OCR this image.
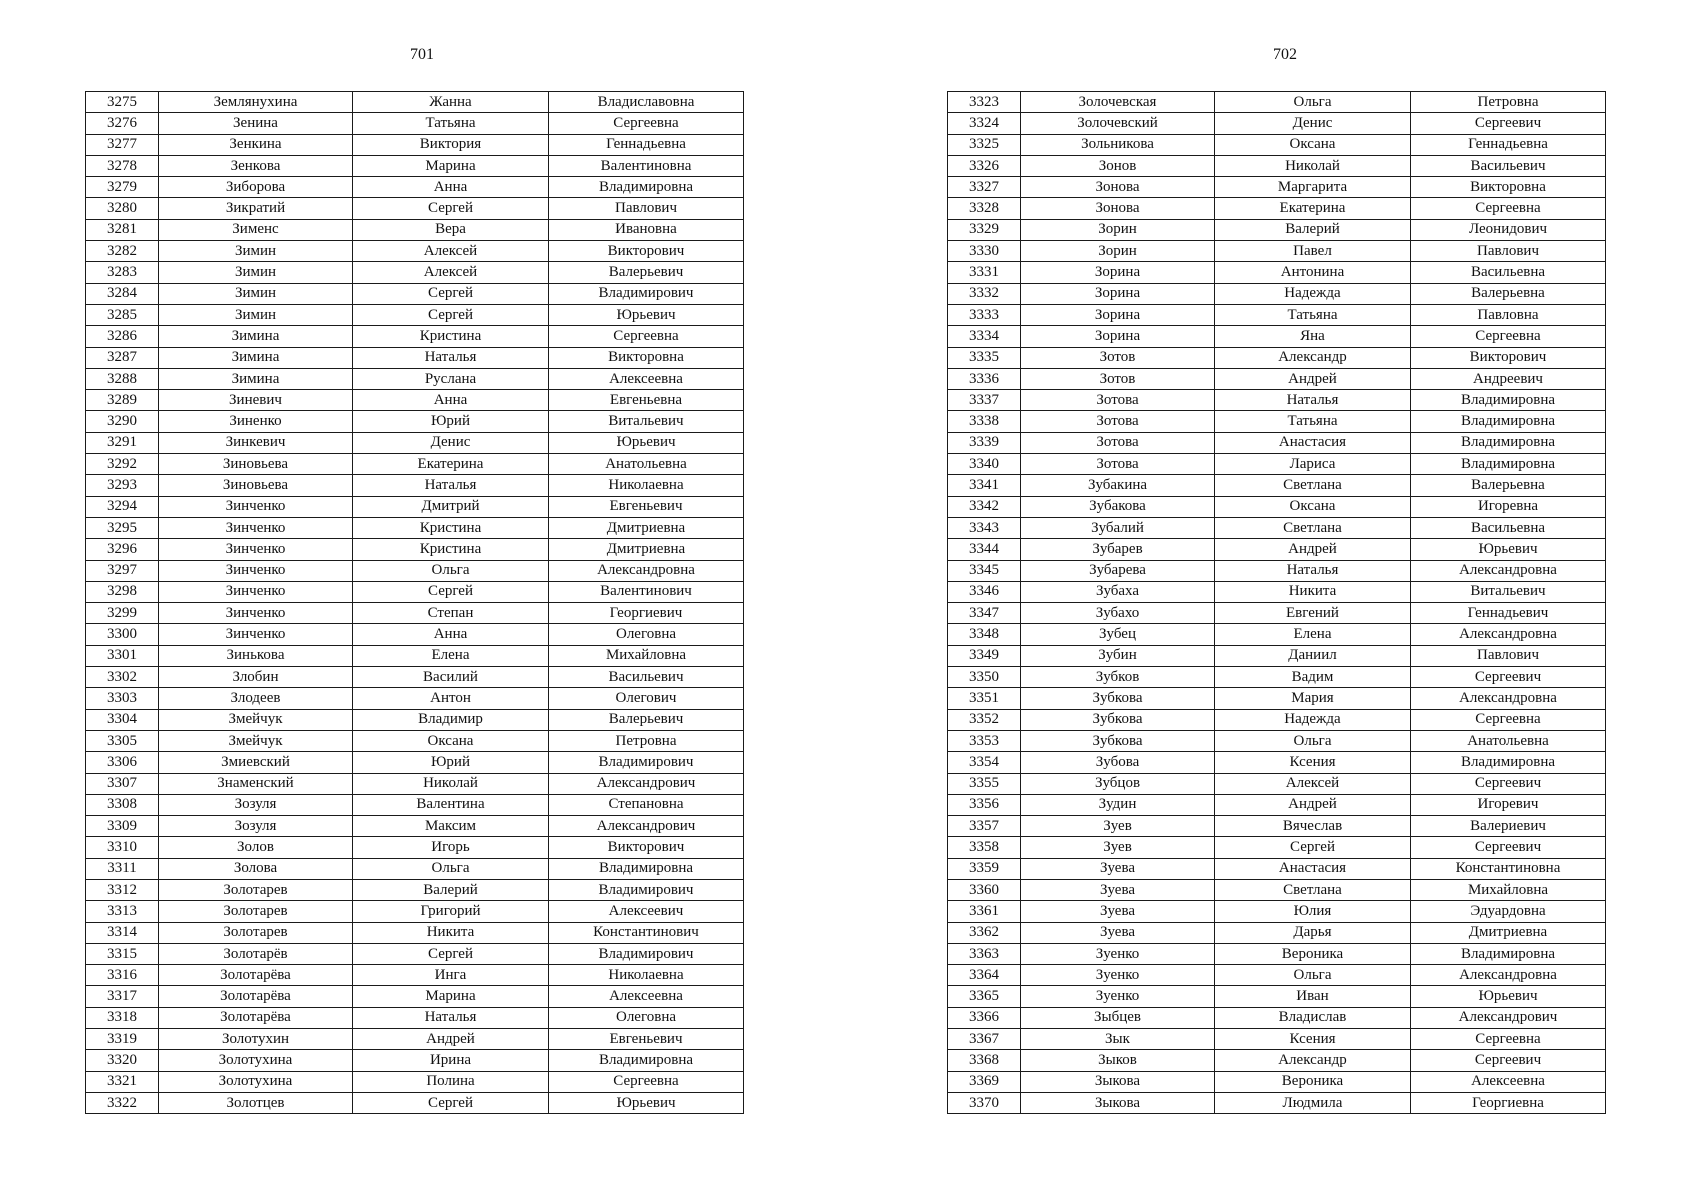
701	702
3275	Землянухина	Жанна	Владиславовна
3276	Зенина	Татьяна	Сергеевна
3277	Зенкина	Виктория	Геннадьевна
3278	Зенкова	Марина	Валентиновна
3279	Зиборова	Анна	Владимировна
3280	Зикратий	Сергей	Павлович
3281	Зименс	Вера	Ивановна
3282	Зимин	Алексей	Викторович
3283	Зимин	Алексей	Валерьевич
3284	Зимин	Сергей	Владимирович
3285	Зимин	Сергей	Юрьевич
3286	Зимина	Кристина	Сергеевна
3287	Зимина	Наталья	Викторовна
3288	Зимина	Руслана	Алексеевна
3289	Зиневич	Анна	Евгеньевна
3290	Зиненко	Юрий	Витальевич
3291	Зинкевич	Денис	Юрьевич
3292	Зиновьева	Екатерина	Анатольевна
3293	Зиновьева	Наталья	Николаевна
3294	Зинченко	Дмитрий	Евгеньевич
3295	Зинченко	Кристина	Дмитриевна
3296	Зинченко	Кристина	Дмитриевна
3297	Зинченко	Ольга	Александровна
3298	Зинченко	Сергей	Валентинович
3299	Зинченко	Степан	Георгиевич
3300	Зинченко	Анна	Олеговна
3301	Зинькова	Елена	Михайловна
3302	Злобин	Василий	Васильевич
3303	Злодеев	Антон	Олегович
3304	Змейчук	Владимир	Валерьевич
3305	Змейчук	Оксана	Петровна
3306	Змиевский	Юрий	Владимирович
3307	Знаменский	Николай	Александрович
3308	Зозуля	Валентина	Степановна
3309	Зозуля	Максим	Александрович
3310	Золов	Игорь	Викторович
3311	Золова	Ольга	Владимировна
3312	Золотарев	Валерий	Владимирович
3313	Золотарев	Григорий	Алексеевич
3314	Золотарев	Никита	Константинович
3315	Золотарёв	Сергей	Владимирович
3316	Золотарёва	Инга	Николаевна
3317	Золотарёва	Марина	Алексеевна
3318	Золотарёва	Наталья	Олеговна
3319	Золотухин	Андрей	Евгеньевич
3320	Золотухина	Ирина	Владимировна
3321	Золотухина	Полина	Сергеевна
3322	Золотцев	Сергей	Юрьевич
3323	Золочевская	Ольга	Петровна
3324	Золочевский	Денис	Сергеевич
3325	Зольникова	Оксана	Геннадьевна
3326	Зонов	Николай	Васильевич
3327	Зонова	Маргарита	Викторовна
3328	Зонова	Екатерина	Сергеевна
3329	Зорин	Валерий	Леонидович
3330	Зорин	Павел	Павлович
3331	Зорина	Антонина	Васильевна
3332	Зорина	Надежда	Валерьевна
3333	Зорина	Татьяна	Павловна
3334	Зорина	Яна	Сергеевна
3335	Зотов	Александр	Викторович
3336	Зотов	Андрей	Андреевич
3337	Зотова	Наталья	Владимировна
3338	Зотова	Татьяна	Владимировна
3339	Зотова	Анастасия	Владимировна
3340	Зотова	Лариса	Владимировна
3341	Зубакина	Светлана	Валерьевна
3342	Зубакова	Оксана	Игоревна
3343	Зубалий	Светлана	Васильевна
3344	Зубарев	Андрей	Юрьевич
3345	Зубарева	Наталья	Александровна
3346	Зубаха	Никита	Витальевич
3347	Зубахо	Евгений	Геннадьевич
3348	Зубец	Елена	Александровна
3349	Зубин	Даниил	Павлович
3350	Зубков	Вадим	Сергеевич
3351	Зубкова	Мария	Александровна
3352	Зубкова	Надежда	Сергеевна
3353	Зубкова	Ольга	Анатольевна
3354	Зубова	Ксения	Владимировна
3355	Зубцов	Алексей	Сергеевич
3356	Зудин	Андрей	Игоревич
3357	Зуев	Вячеслав	Валериевич
3358	Зуев	Сергей	Сергеевич
3359	Зуева	Анастасия	Константиновна
3360	Зуева	Светлана	Михайловна
3361	Зуева	Юлия	Эдуардовна
3362	Зуева	Дарья	Дмитриевна
3363	Зуенко	Вероника	Владимировна
3364	Зуенко	Ольга	Александровна
3365	Зуенко	Иван	Юрьевич
3366	Зыбцев	Владислав	Александрович
3367	Зык	Ксения	Сергеевна
3368	Зыков	Александр	Сергеевич
3369	Зыкова	Вероника	Алексеевна
3370	Зыкова	Людмила	Георгиевна
